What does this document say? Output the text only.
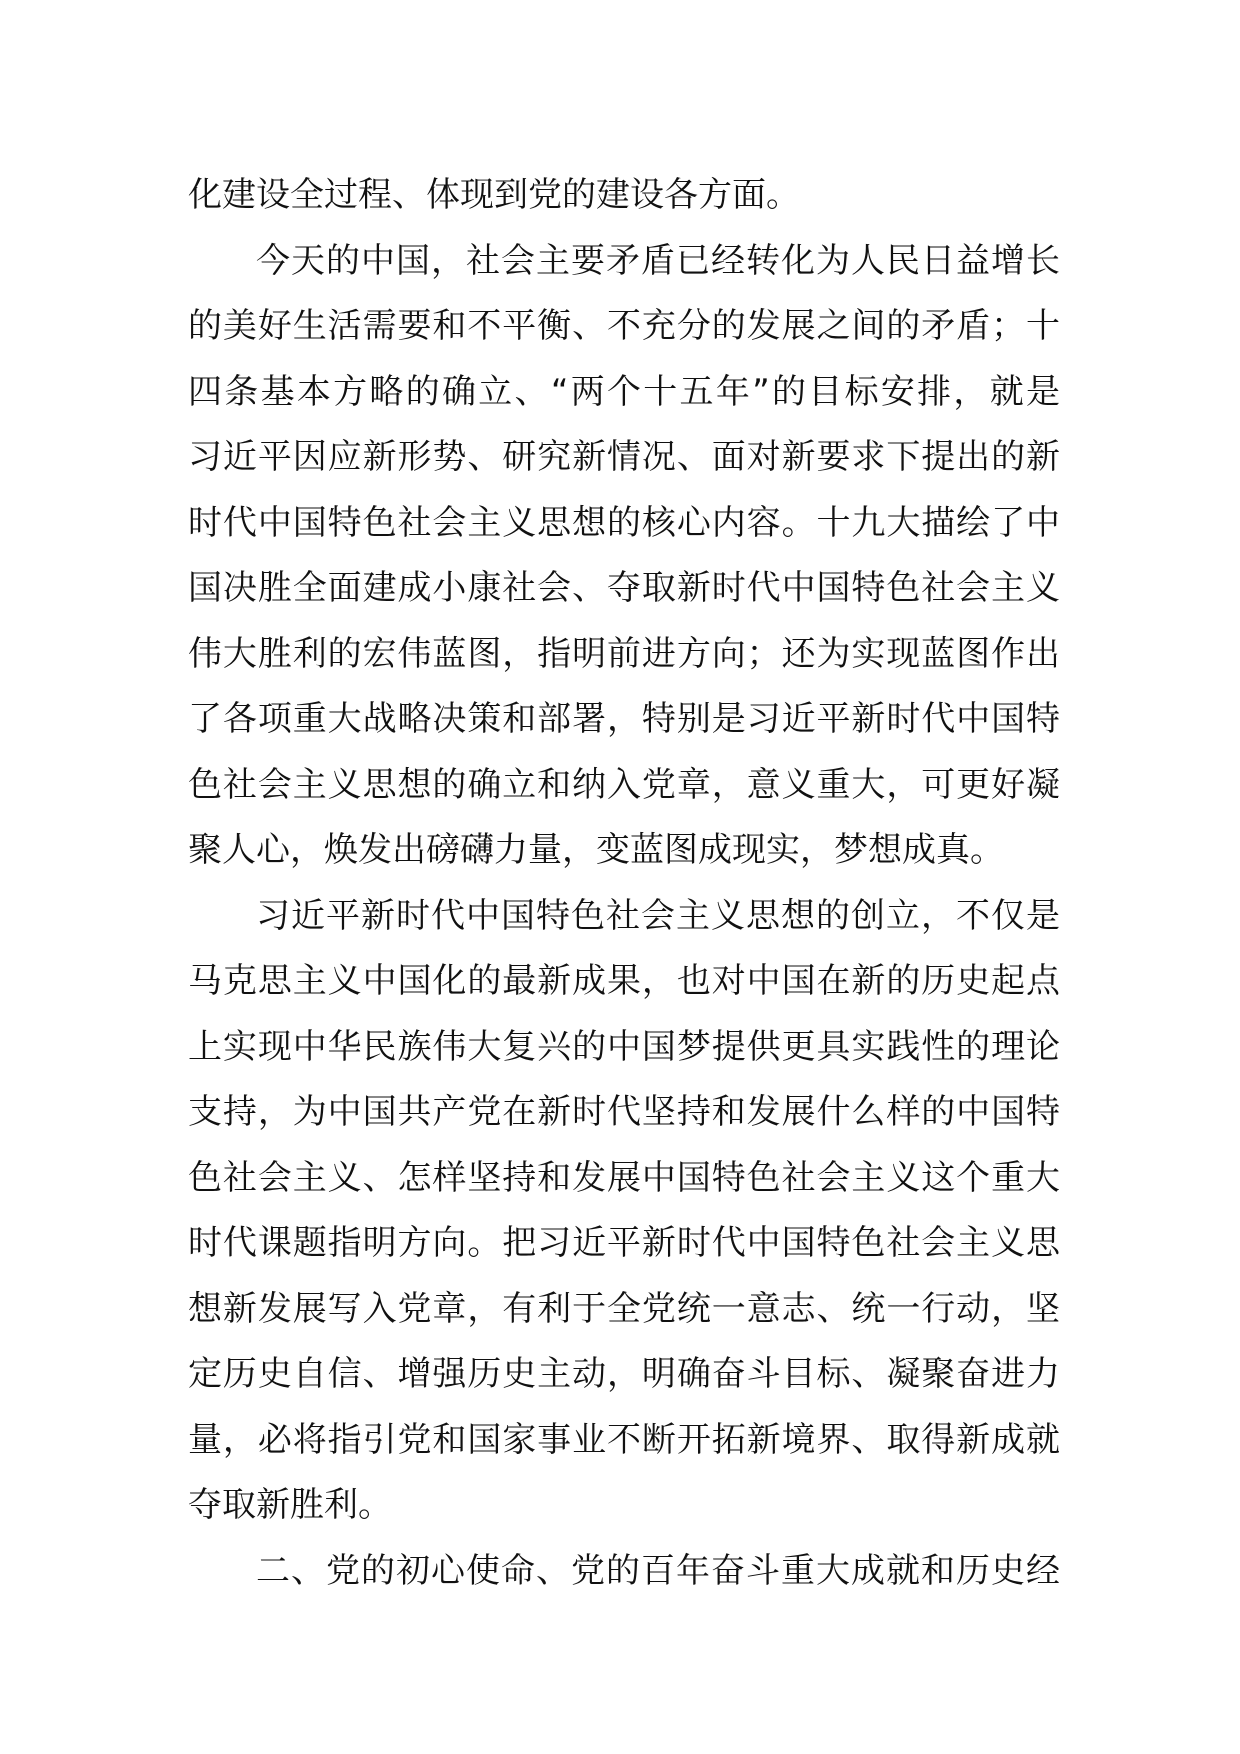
化建设全过程、体现到党的建设各方面。
今天的中国，社会主要矛盾已经转化为人民日益增长
的美好生活需要和不平衡、不充分的发展之间的矛盾；十
四条基本方略的确立、“两个十五年”的目标安排，就是
习近平因应新形势、研究新情况、面对新要求下提出的新
时代中国特色社会主义思想的核心内容。十九大描绘了中
国决胜全面建成小康社会、夺取新时代中国特色社会主义
伟大胜利的宏伟蓝图，指明前进方向；还为实现蓝图作出
了各项重大战略决策和部署，特别是习近平新时代中国特
色社会主义思想的确立和纳入党章，意义重大，可更好凝
聚人心，焕发出磅礴力量，变蓝图成现实，梦想成真。
习近平新时代中国特色社会主义思想的创立，不仅是
马克思主义中国化的最新成果，也对中国在新的历史起点
上实现中华民族伟大复兴的中国梦提供更具实践性的理论
支持，为中国共产党在新时代坚持和发展什么样的中国特
色社会主义、怎样坚持和发展中国特色社会主义这个重大
时代课题指明方向。把习近平新时代中国特色社会主义思
想新发展写入党章，有利于全党统一意志、统一行动，坚
定历史自信、增强历史主动，明确奋斗目标、凝聚奋进力
量，必将指引党和国家事业不断开拓新境界、取得新成就
夺取新胜利。
二、党的初心使命、党的百年奋斗重大成就和历史经
